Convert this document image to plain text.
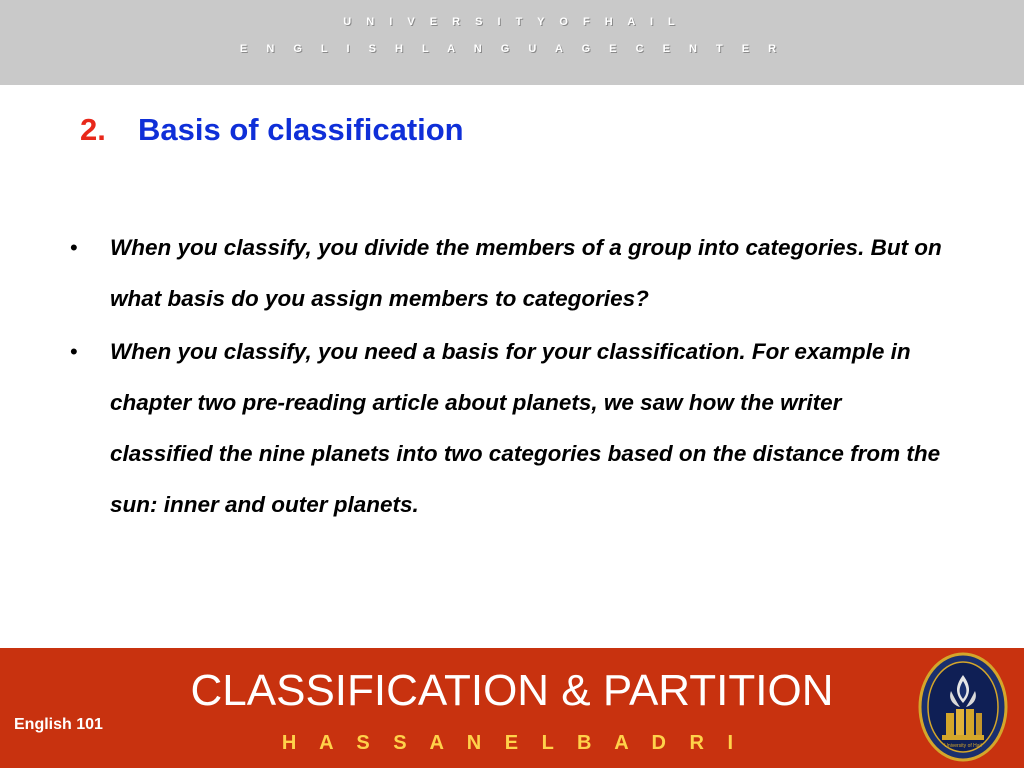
U N I V E R S I T Y O F H A I L
E N G L I S H L A N G U A G E C E N T E R
2. Basis of classification
• When you classify, you divide the members of a group into categories. But on what basis do you assign members to categories?
• When you classify, you need a basis for your classification. For example in chapter two pre-reading article about planets, we saw how the writer classified the nine planets into two categories based on the distance from the sun: inner and outer planets.
English 101
CLASSIFICATION & PARTITION
H A S S A N E L B A D R I	University of Hail
